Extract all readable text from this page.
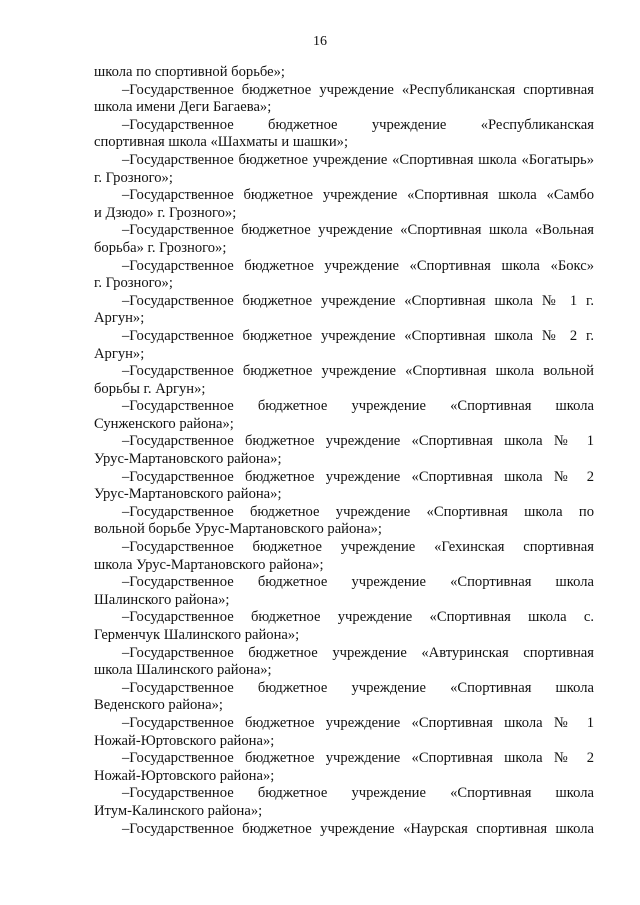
16
школа по спортивной борьбе»;
–Государственное бюджетное учреждение «Республиканская спортивная
школа имени Деги Багаева»;
–Государственное бюджетное учреждение «Республиканская
спортивная школа «Шахматы и шашки»;
–Государственное бюджетное учреждение «Спортивная школа «Богатырь»
г. Грозного»;
–Государственное бюджетное учреждение «Спортивная школа «Самбо
и Дзюдо» г. Грозного»;
–Государственное бюджетное учреждение «Спортивная школа «Вольная
борьба» г. Грозного»;
–Государственное бюджетное учреждение «Спортивная школа «Бокс»
г. Грозного»;
–Государственное бюджетное учреждение «Спортивная школа № 1 г.
Аргун»;
–Государственное бюджетное учреждение «Спортивная школа № 2 г.
Аргун»;
–Государственное бюджетное учреждение «Спортивная школа вольной
борьбы г. Аргун»;
–Государственное бюджетное учреждение «Спортивная школа
Сунженского района»;
–Государственное бюджетное учреждение «Спортивная школа № 1
Урус-Мартановского района»;
–Государственное бюджетное учреждение «Спортивная школа № 2
Урус-Мартановского района»;
–Государственное бюджетное учреждение «Спортивная школа по
вольной борьбе Урус-Мартановского района»;
–Государственное бюджетное учреждение «Гехинская спортивная
школа Урус-Мартановского района»;
–Государственное бюджетное учреждение «Спортивная школа
Шалинского района»;
–Государственное бюджетное учреждение «Спортивная школа с.
Герменчук Шалинского района»;
–Государственное бюджетное учреждение «Автуринская спортивная
школа Шалинского района»;
–Государственное бюджетное учреждение «Спортивная школа
Веденского района»;
–Государственное бюджетное учреждение «Спортивная школа № 1
Ножай-Юртовского района»;
–Государственное бюджетное учреждение «Спортивная школа № 2
Ножай-Юртовского района»;
–Государственное бюджетное учреждение «Спортивная школа
Итум-Калинского района»;
–Государственное бюджетное учреждение «Наурская спортивная школа
